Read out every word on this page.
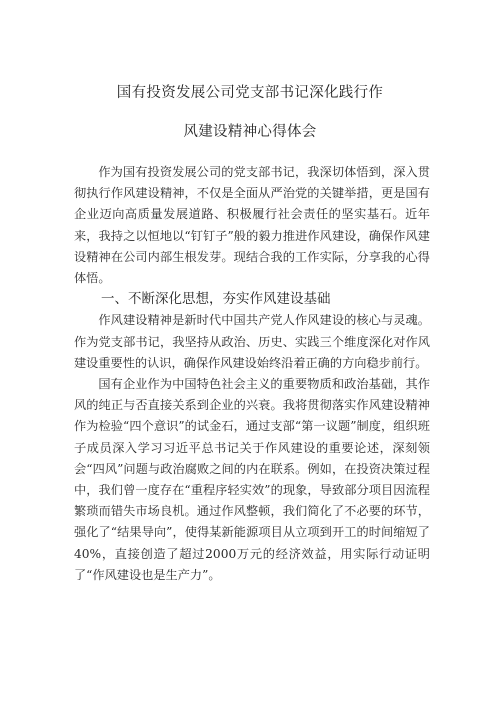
国有投资发展公司党支部书记深化践行作
风建设精神心得体会

作为国有投资发展公司的党支部书记，我深切体悟到，深入贯彻执行作风建设精神，不仅是全面从严治党的关键举措，更是国有企业迈向高质量发展道路、积极履行社会责任的坚实基石。近年来，我持之以恒地以“钉钉子”般的毅力推进作风建设，确保作风建设精神在公司内部生根发芽。现结合我的工作实际，分享我的心得体悟。

一、不断深化思想，夯实作风建设基础

作风建设精神是新时代中国共产党人作风建设的核心与灵魂。作为党支部书记，我坚持从政治、历史、实践三个维度深化对作风建设重要性的认识，确保作风建设始终沿着正确的方向稳步前行。

国有企业作为中国特色社会主义的重要物质和政治基础，其作风的纯正与否直接关系到企业的兴衰。我将贯彻落实作风建设精神作为检验“四个意识”的试金石，通过支部“第一议题”制度，组织班子成员深入学习习近平总书记关于作风建设的重要论述，深刻领会“四风”问题与政治腐败之间的内在联系。例如，在投资决策过程中，我们曾一度存在“重程序轻实效”的现象，导致部分项目因流程繁琐而错失市场良机。通过作风整顿，我们简化了不必要的环节，强化了“结果导向”，使得某新能源项目从立项到开工的时间缩短了40%，直接创造了超过2000万元的经济效益，用实际行动证明了“作风建设也是生产力”。
